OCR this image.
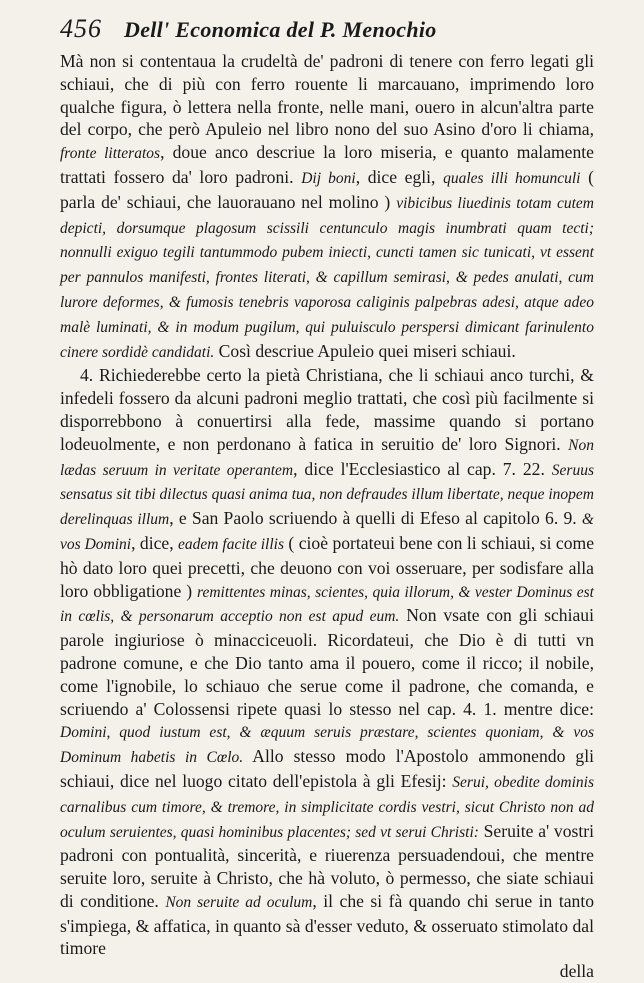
456 Dell' Economica del P. Menochio

Mà non si contentaua la crudeltà de' padroni di tenere con ferro legati gli schiaui, che di più con ferro rouente li marcauano, imprimendo loro qualche figura, ò lettera nella fronte, nelle mani, ouero in alcun'altra parte del corpo, che però Apuleio nel libro nono del suo Asino d'oro li chiama, fronte litteratos, doue anco descriue la loro miseria, e quanto malamente trattati fossero da' loro padroni. Dij boni, dice egli, quales illi homunculi ( parla de' schiaui, che lauorauano nel molino ) vibicibus liuedinis totam cutem depicti, dorsumque plagosum scissili centunculo magis inumbrati quam tecti; nonnulli exiguo tegili tantummodo pubem iniecti, cuncti tamen sic tunicati, vt essent per pannulos manifesti, frontes literati, & capillum semirasi, & pedes anulati, cum lurore deformes, & fumosis tenebris vaporosa caliginis palpebras adesi, atque adeo malè luminati, & in modum pugilum, qui puluisculo perspersi dimicant farinulento cinere sordidè candidati. Così descriue Apuleio quei miseri schiaui.

4. Richiederebbe certo la pietà Christiana, che li schiaui anco turchi, & infedeli fossero da alcuni padroni meglio trattati, che così più facilmente si disporrebbono à conuertirsi alla fede, massime quando si portano lodeuolmente, e non perdonano à fatica in seruitio de' loro Signori. Non lædas seruum in veritate operantem, dice l'Ecclesiastico al cap. 7. 22. Seruus sensatus sit tibi dilectus quasi anima tua, non defraudes illum libertate, neque inopem derelinquas illum, e San Paolo scriuendo à quelli di Efeso al capitolo 6. 9. & vos Domini, dice, eadem facite illis ( cioè portateui bene con li schiaui, si come hò dato loro quei precetti, che deuono con voi osseruare, per sodisfare alla loro obbligatione ) remittentes minas, scientes, quia illorum, & vester Dominus est in cœlis, & personarum acceptio non est apud eum. Non vsate con gli schiaui parole ingiuriose ò minacciceuoli. Ricordateui, che Dio è di tutti vn padrone comune, e che Dio tanto ama il pouero, come il ricco; il nobile, come l'ignobile, lo schiauo che serue come il padrone, che comanda, e scriuendo a' Colossensi ripete quasi lo stesso nel cap. 4. 1. mentre dice: Domini, quod iustum est, & æquum seruis præstare, scientes quoniam, & vos Dominum habetis in Cœlo. Allo stesso modo l'Apostolo ammonendo gli schiaui, dice nel luogo citato dell'epistola à gli Efesij: Serui, obedite dominis carnalibus cum timore, & tremore, in simplicitate cordis vestri, sicut Christo non ad oculum seruientes, quasi hominibus placentes; sed vt serui Christi: Seruite a' vostri padroni con pontualità, sincerità, e riuerenza persuadendoui, che mentre seruite loro, seruite à Christo, che hà voluto, ò permesso, che siate schiaui di conditione. Non seruite ad oculum, il che si fà quando chi serue in tanto s'impiega, & affatica, in quanto sà d'esser veduto, & osseruato stimolato dal timore

della
